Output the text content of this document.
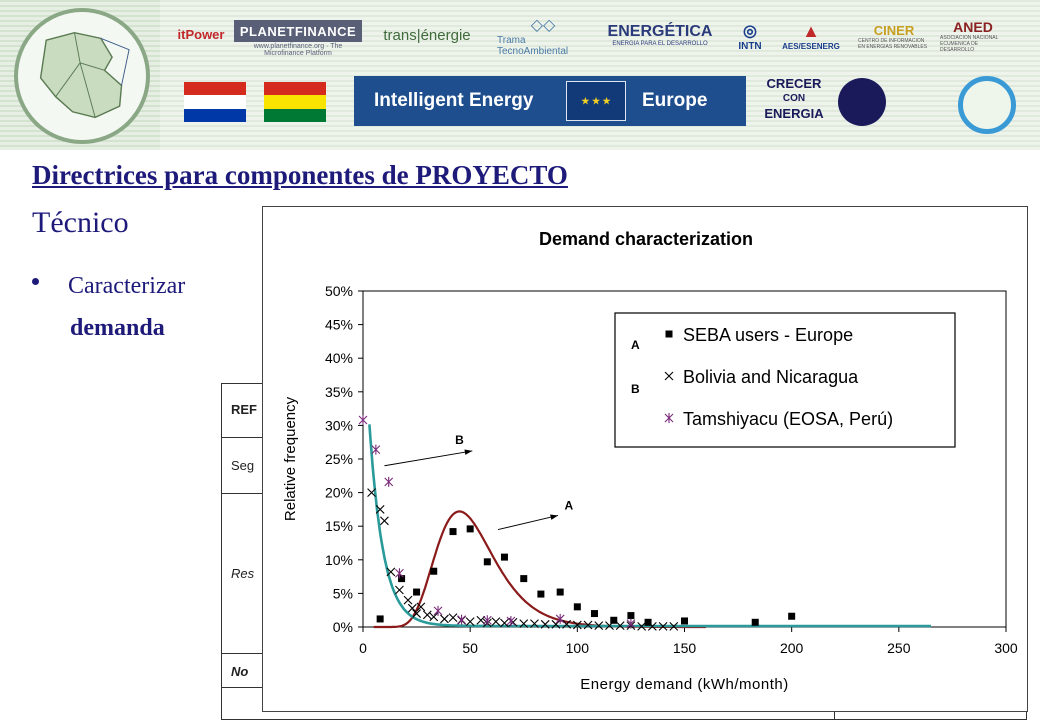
itPower	PLANETFINANCE
www.planetfinance.org · The Microfinance Platform
trans|énergie
◇◇
Trama TecnoAmbiental
ENERGÉTICA
ENERGIA PARA EL DESARROLLO
◎
INTN
▲
AES/ESENERG
CINER
CENTRO DE INFORMACION EN ENERGIAS RENOVABLES
ANED
ASOCIACION NACIONAL ECUMENICA DE DESARROLLO
Intelligent Energy	★ ★ ★	Europe
CRECER
CON
ENERGIA
Directrices para componentes de PROYECTO
Técnico
Caracterizar
demanda
REF
Seg
Res
No
Demand characterization
0%
5%
10%
15%
20%
25%
30%
35%
40%
45%
50%
0	50	100	150	200	250	300
Energy demand (kWh/month)
Relative frequency
SEBA users - Europe
Bolivia and Nicaragua
Tamshiyacu (EOSA, Perú)
A
B
B
A
